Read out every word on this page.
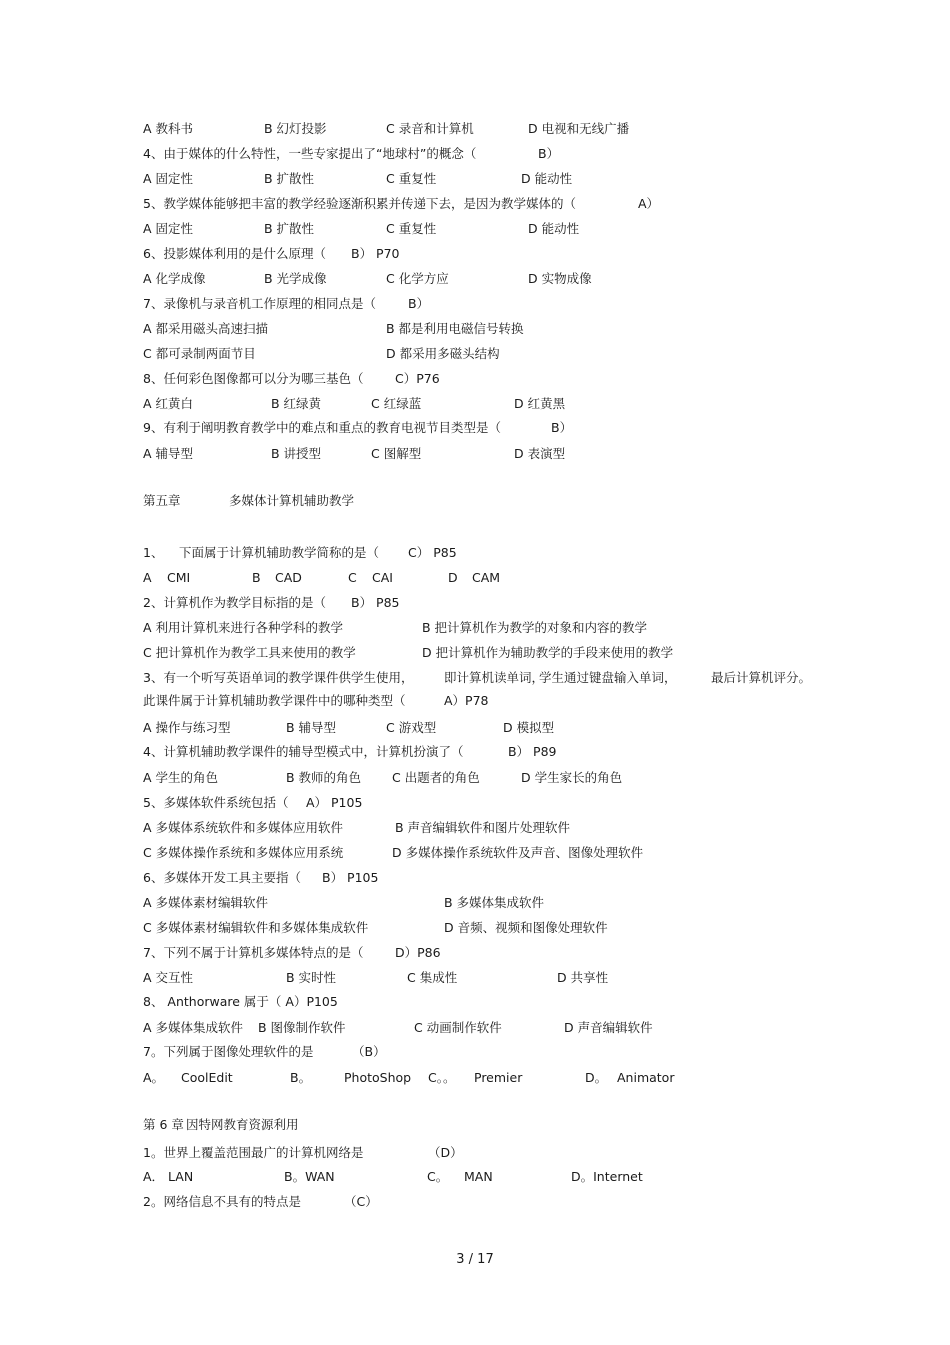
A 教科书	B 幻灯投影	C 录音和计算机	D 电视和无线广播
4、由于媒体的什么特性，一些专家提出了“地球村”的概念（	B）
A 固定性	B 扩散性	C 重复性	D 能动性
5、教学媒体能够把丰富的教学经验逐渐积累并传递下去，是因为教学媒体的（	A）
A 固定性	B 扩散性	C 重复性	D 能动性
6、投影媒体利用的是什么原理（ B） P70
A 化学成像	B 光学成像	C 化学方应	D 实物成像
7、录像机与录音机工作原理的相同点是（	B）
A 都采用磁头高速扫描	B 都是利用电磁信号转换
C 都可录制两面节目	D 都采用多磁头结构
8、任何彩色图像都可以分为哪三基色（	C）P76
A 红黄白	B 红绿黄	C 红绿蓝	D 红黄黑
9、有利于阐明教育教学中的难点和重点的教育电视节目类型是（	B）
A 辅导型	B 讲授型	C 图解型	D 表演型
第五章	多媒体计算机辅助教学
1、 下面属于计算机辅助教学简称的是（ C） P85
A CMI	B CAD	C CAI	D CAM
2、计算机作为教学目标指的是（ B） P85
A 利用计算机来进行各种学科的教学	B 把计算机作为教学的对象和内容的教学
C 把计算机作为教学工具来使用的教学	D 把计算机作为辅助教学的手段来使用的教学
3、有一个听写英语单词的教学课件供学生使用， 即计算机读单词，
学生通过键盘输入单词，	最后计算机评分。
此课件属于计算机辅助教学课件中的哪种类型（	A）P78
A 操作与练习型	B 辅导型	C 游戏型	D 模拟型
4、计算机辅助教学课件的辅导型模式中，计算机扮演了（	B） P89
A 学生的角色	B 教师的角色 C 出题者的角色	D 学生家长的角色
5、多媒体软件系统包括（ A） P105
A 多媒体系统软件和多媒体应用软件	B 声音编辑软件和图片处理软件
C 多媒体操作系统和多媒体应用系统	D 多媒体操作系统软件及声音、图像处理软件
6、多媒体开发工具主要指（ B） P105
A 多媒体素材编辑软件	B 多媒体集成软件
C 多媒体素材编辑软件和多媒体集成软件	D 音频、视频和图像处理软件
7、下列不属于计算机多媒体特点的是（	D）P86
A 交互性	B 实时性	C 集成性	D 共享性
8、 Anthorware 属于（ A）P105
A 多媒体集成软件 B 图像制作软件	C 动画制作软件	D 声音编辑软件
7。下列属于图像处理软件的是	（B）
A。 CoolEdit	B。	PhotoShop C。。 Premier	D。 Animator
第 6 章 因特网教育资源利用
1。世界上覆盖范围最广的计算机网络是	（D）
A． LAN	B。WAN	C。 MAN	D。Internet
2。网络信息不具有的特点是	（C）
3 / 17
